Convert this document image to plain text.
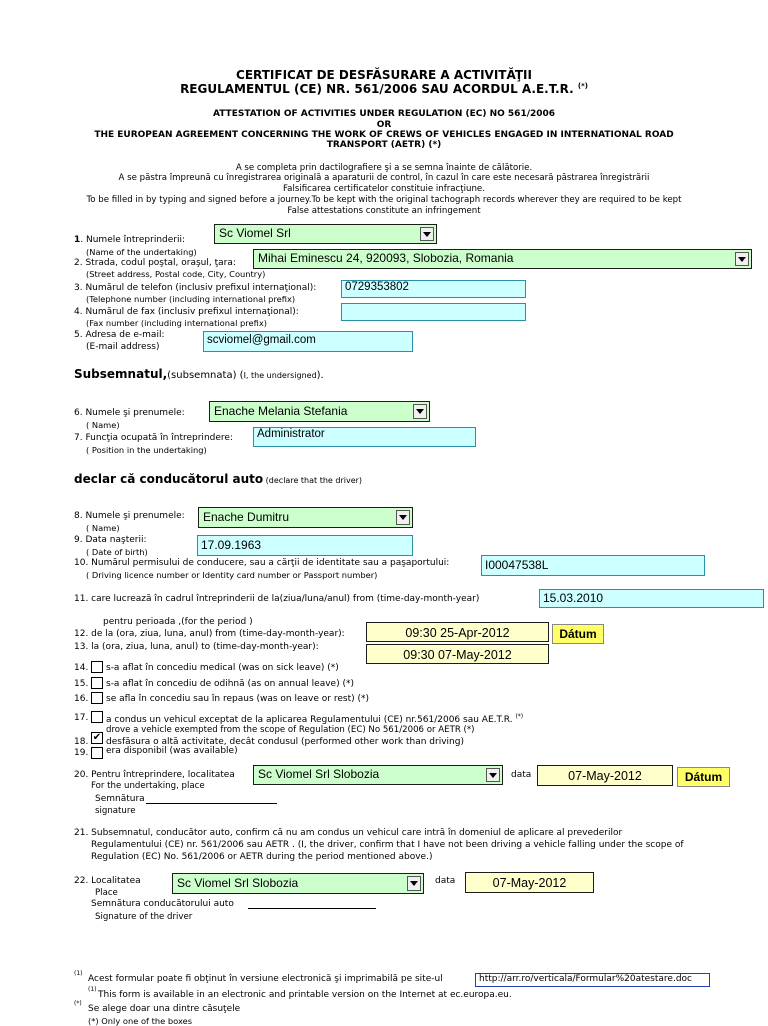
CERTIFICAT DE DESFĂSURARE A ACTIVITĂŢII
REGULAMENTUL (CE) NR. 561/2006 SAU ACORDUL A.E.T.R. (*)
ATTESTATION OF ACTIVITIES UNDER REGULATION (EC) NO 561/2006
OR
THE EUROPEAN AGREEMENT CONCERNING THE WORK OF CREWS OF VEHICLES ENGAGED IN INTERNATIONAL ROAD
TRANSPORT (AETR) (*)
A se completa prin dactilografiere şi a se semna înainte de călătorie.
A se păstra împreună cu înregistrarea originală a aparaturii de control, în cazul în care este necesară păstrarea înregistrării
Falsificarea certificatelor constituie infracţiune.
To be filled in by typing and signed before a journey.To be kept with the original tachograph records wherever they are required to be kept
False attestations constitute an infringement
1. Numele întreprinderii:
(Name of the undertaking)
Sc Viomel Srl
2. Strada, codul poştal, oraşul, ţara:
(Street address, Postal code, City, Country)
Mihai Eminescu 24, 920093, Slobozia, Romania
3. Numărul de telefon (inclusiv prefixul internaţional):
(Telephone number (including international prefix)
0729353802
4. Numărul de fax (inclusiv prefixul internaţional):
(Fax number (including international prefix)
5. Adresa de e-mail:
(E-mail address)
scviomel@gmail.com
Subsemnatul,(subsemnata) (I, the undersigned).
6. Numele şi prenumele:
( Name)
Enache Melania Stefania
7. Funcţia ocupată în întreprindere:
( Position in the undertaking)
Administrator
declar că conducătorul auto (declare that the driver)
8. Numele şi prenumele:
( Name)
Enache Dumitru
9. Data naşterii:
( Date of birth)	17.09.1963
10. Numărul permisului de conducere, sau a cărţii de identitate sau a paşaportului:
( Driving licence number or Identity card number or Passport number)
I00047538L
11. care lucrează în cadrul întreprinderii de la(ziua/luna/anul) from (time-day-month-year)	15.03.2010
pentru perioada ,(for the period )
12. de la (ora, ziua, luna, anul) from (time-day-month-year):	09:30 25-Apr-2012	Dátum
13. la (ora, ziua, luna, anul) to (time-day-month-year):
09:30 07-May-2012
14. s-a aflat în concediu medical (was on sick leave) (*)
15. s-a aflat în concediu de odihnă (as on annual leave) (*)
16. se afla în concediu sau în repaus (was on leave or rest) (*)
17. a condus un vehicul exceptat de la aplicarea Regulamentului (CE) nr.561/2006 sau AE.T.R. (*)
drove a vehicle exempted from the scope of Regulation (EC) No 561/2006 or AETR (*)
18. ✔ desfăsura o altă activitate, decât condusul (performed other work than driving)
19. era disponibil (was available)
20. Pentru întreprindere, localitatea
For the undertaking, place
Sc Viomel Srl Slobozia	data	07-May-2012	Dátum
Semnătura
signature
21. Subsemnatul, conducător auto, confirm că nu am condus un vehicul care intră în domeniul de aplicare al prevederilor
Regulamentului (CE) nr. 561/2006 sau AETR . (I, the driver, confirm that I have not been driving a vehicle falling under the scope of
Regulation (EC) No. 561/2006 or AETR during the period mentioned above.)
22. Localitatea
Place
Sc Viomel Srl Slobozia	data	07-May-2012
Semnătura conducătorului auto
Signature of the driver
(1)
Acest formular poate fi obţinut în versiune electronică şi imprimabilă pe site-ul	http://arr.ro/verticala/Formular%20atestare.doc
(1)
This form is available in an electronic and printable version on the Internet at ec.europa.eu.
(*)
Se alege doar una dintre căsuţele
(*) Only one of the boxes
